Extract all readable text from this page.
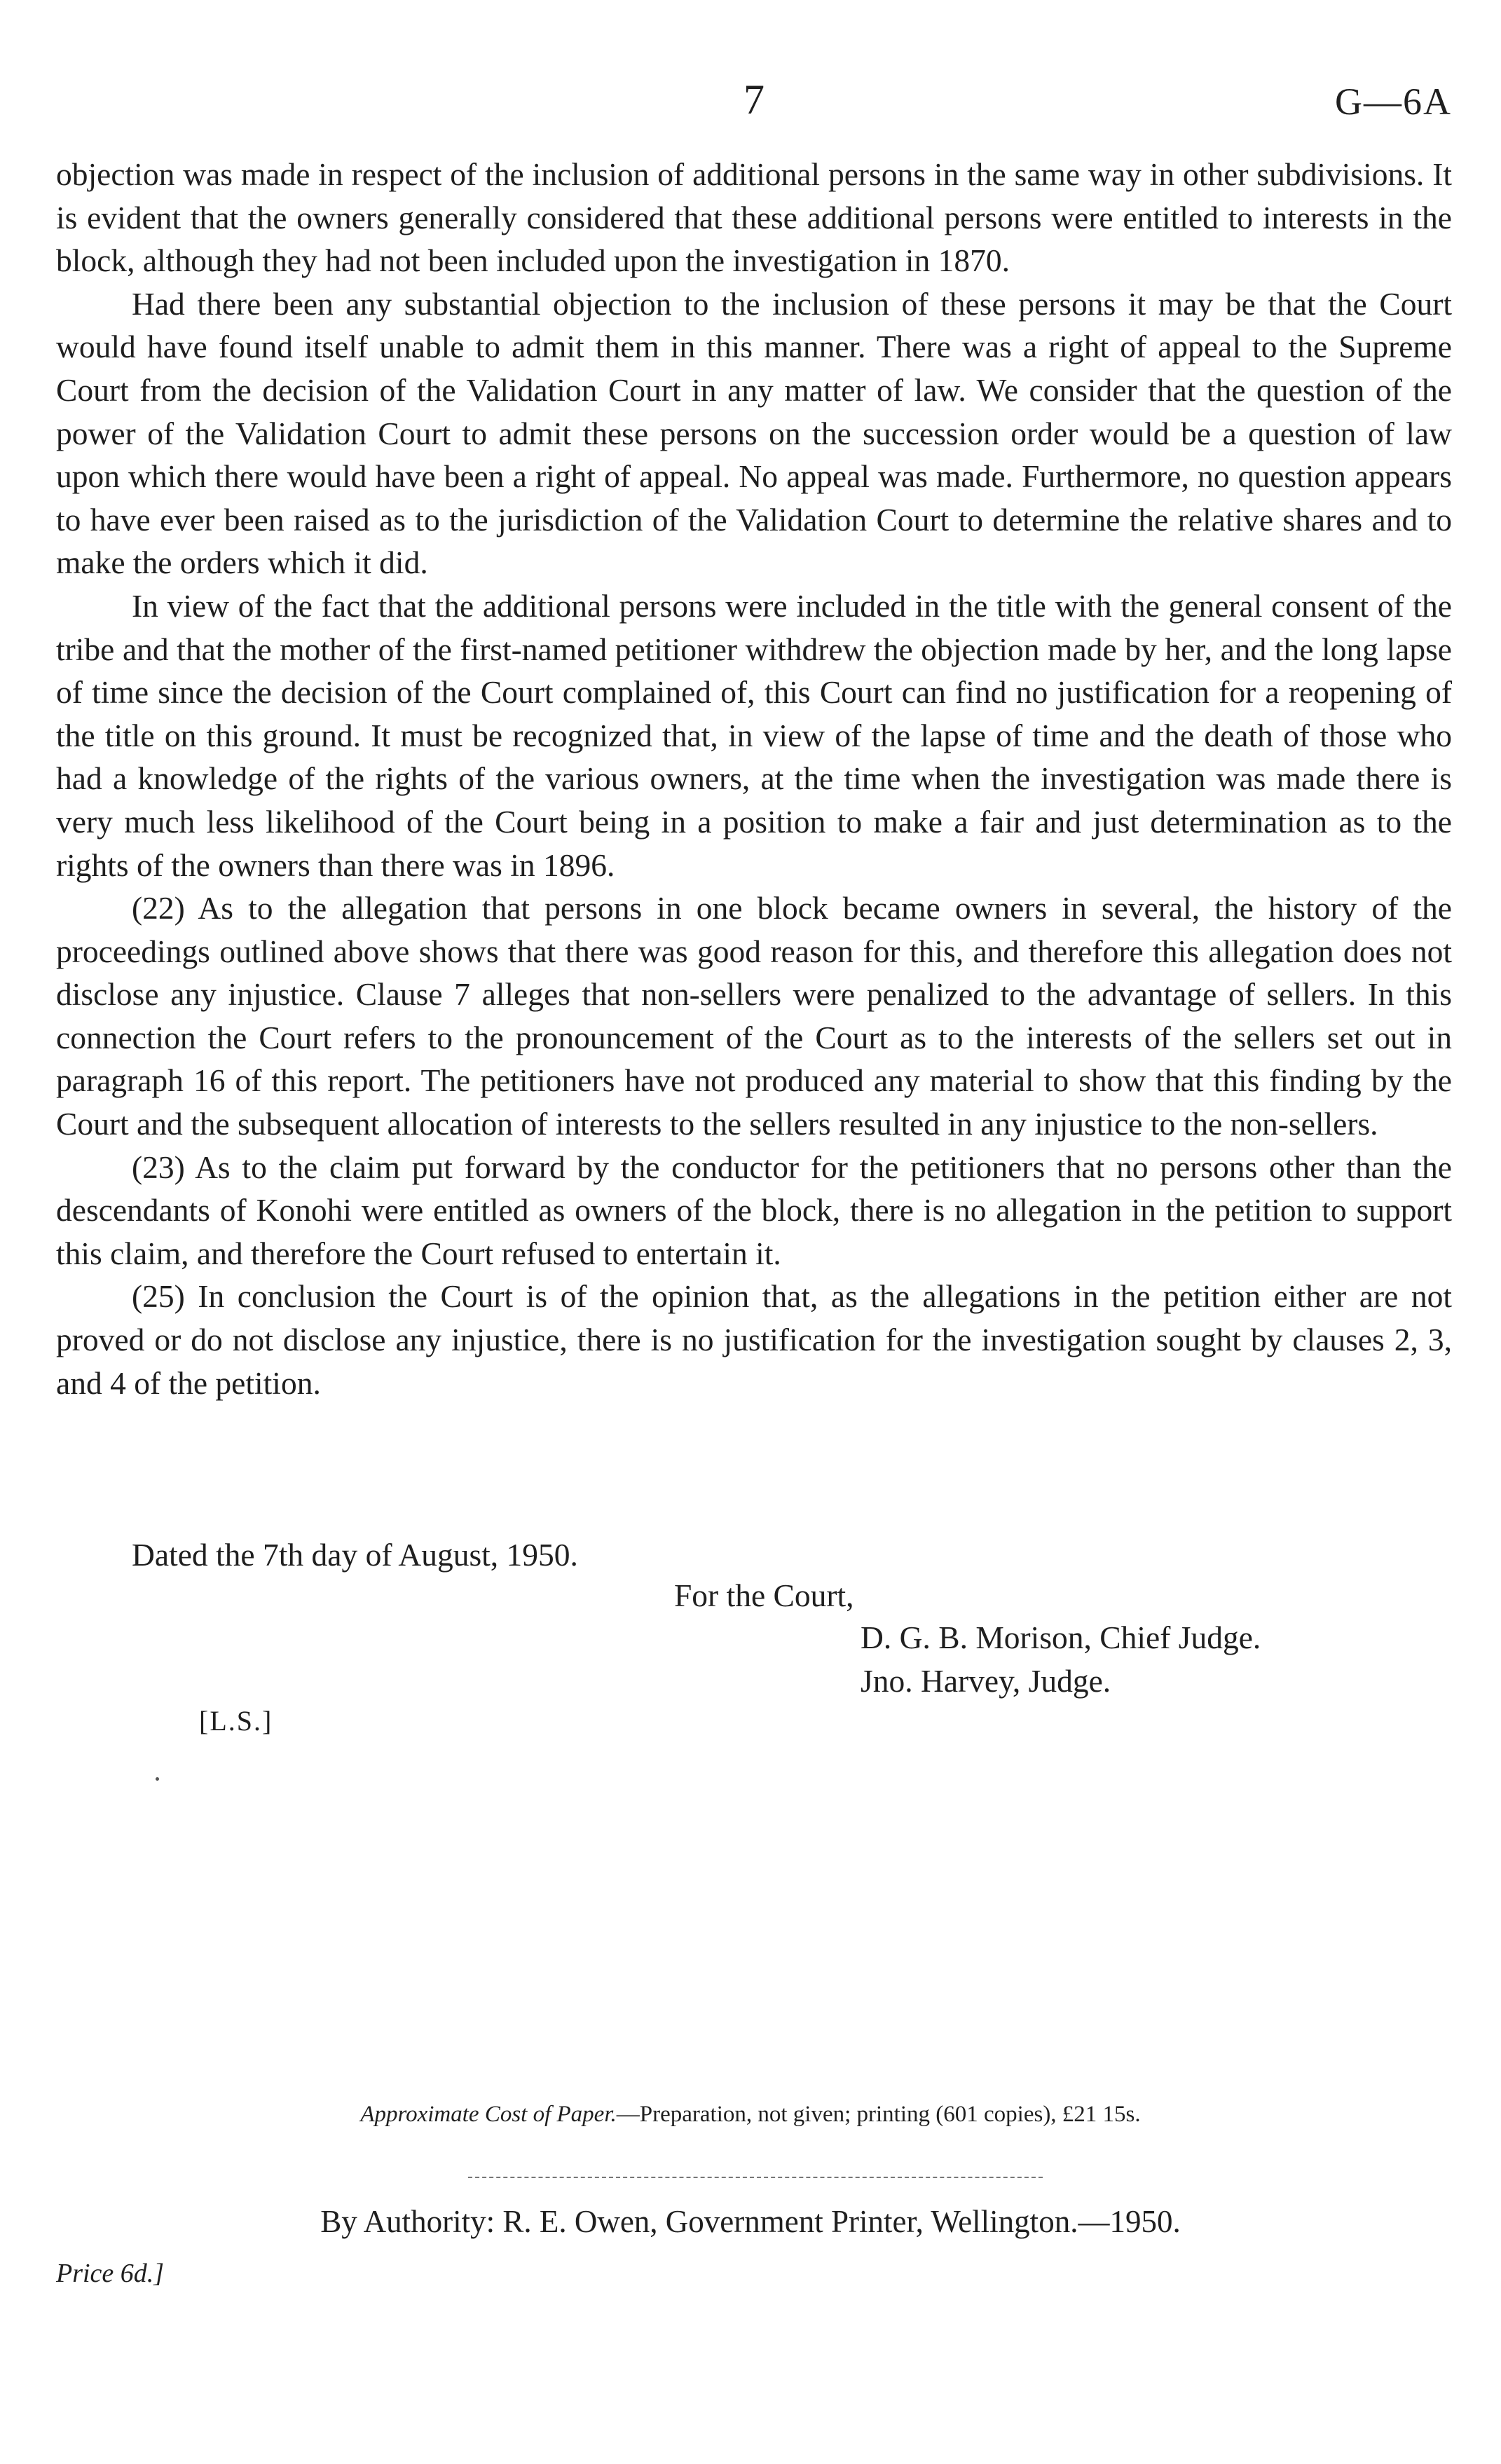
7	G—6A

objection was made in respect of the inclusion of additional persons in the same way in other subdivisions. It is evident that the owners generally considered that these additional persons were entitled to interests in the block, although they had not been included upon the investigation in 1870.

Had there been any substantial objection to the inclusion of these persons it may be that the Court would have found itself unable to admit them in this manner. There was a right of appeal to the Supreme Court from the decision of the Validation Court in any matter of law. We consider that the question of the power of the Validation Court to admit these persons on the succession order would be a question of law upon which there would have been a right of appeal. No appeal was made. Furthermore, no question appears to have ever been raised as to the jurisdiction of the Validation Court to determine the relative shares and to make the orders which it did.

In view of the fact that the additional persons were included in the title with the general consent of the tribe and that the mother of the first-named petitioner withdrew the objection made by her, and the long lapse of time since the decision of the Court complained of, this Court can find no justification for a reopening of the title on this ground. It must be recognized that, in view of the lapse of time and the death of those who had a knowledge of the rights of the various owners, at the time when the investigation was made there is very much less likelihood of the Court being in a position to make a fair and just determination as to the rights of the owners than there was in 1896.

(22) As to the allegation that persons in one block became owners in several, the history of the proceedings outlined above shows that there was good reason for this, and therefore this allegation does not disclose any injustice. Clause 7 alleges that non-sellers were penalized to the advantage of sellers. In this connection the Court refers to the pronouncement of the Court as to the interests of the sellers set out in paragraph 16 of this report. The petitioners have not produced any material to show that this finding by the Court and the subsequent allocation of interests to the sellers resulted in any injustice to the non-sellers.

(23) As to the claim put forward by the conductor for the petitioners that no persons other than the descendants of Konohi were entitled as owners of the block, there is no allegation in the petition to support this claim, and therefore the Court refused to entertain it.

(25) In conclusion the Court is of the opinion that, as the allegations in the petition either are not proved or do not disclose any injustice, there is no justification for the investigation sought by clauses 2, 3, and 4 of the petition.

Dated the 7th day of August, 1950.
For the Court,
D. G. B. Morison, Chief Judge.
Jno. Harvey, Judge.
[L.S.]
Approximate Cost of Paper.—Preparation, not given; printing (601 copies), £21 15s.
By Authority: R. E. Owen, Government Printer, Wellington.—1950.
Price 6d.]
